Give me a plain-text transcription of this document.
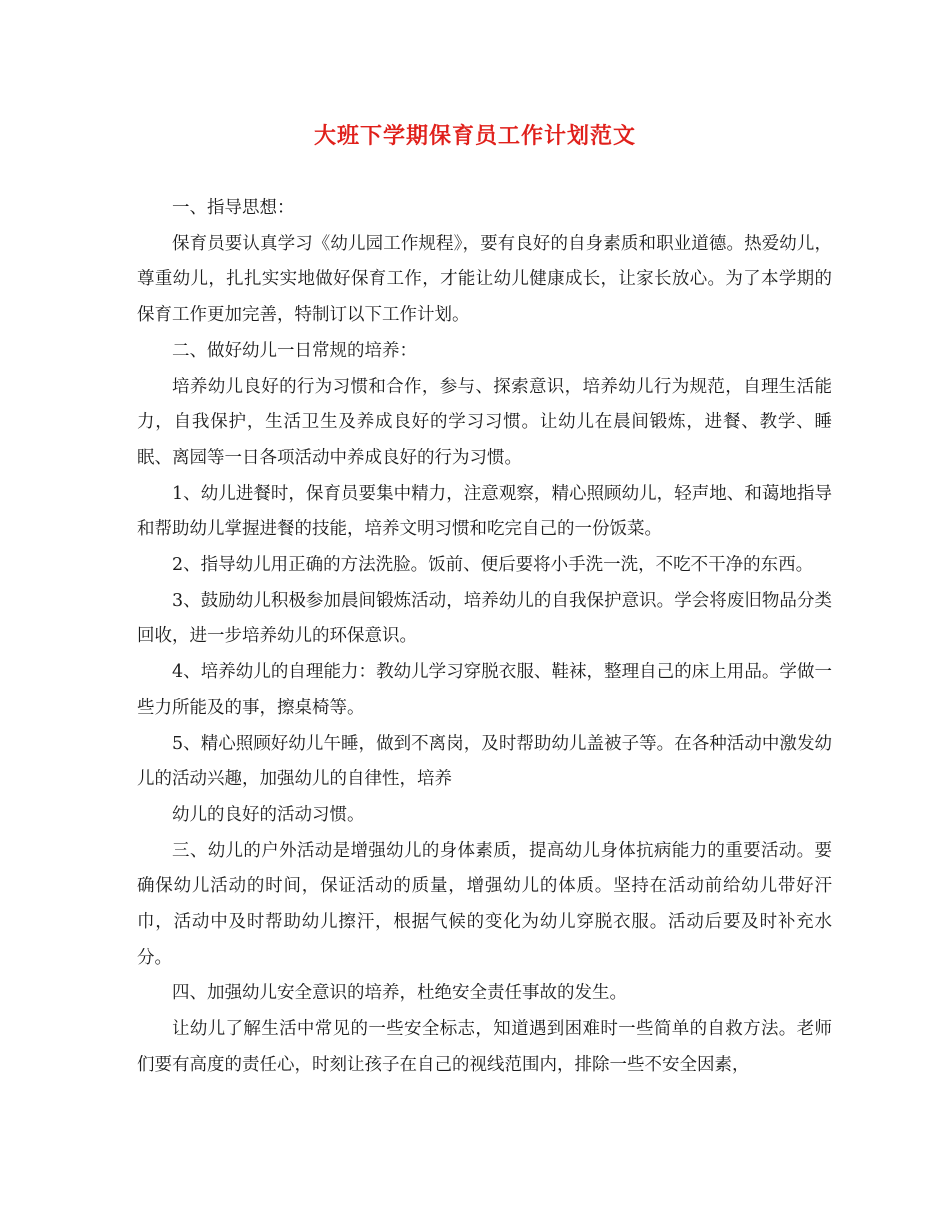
大班下学期保育员工作计划范文

一、指导思想：

保育员要认真学习《幼儿园工作规程》，要有良好的自身素质和职业道德。热爱幼儿，尊重幼儿，扎扎实实地做好保育工作，才能让幼儿健康成长，让家长放心。为了本学期的保育工作更加完善，特制订以下工作计划。

二、做好幼儿一日常规的培养：

培养幼儿良好的行为习惯和合作，参与、探索意识，培养幼儿行为规范，自理生活能力，自我保护，生活卫生及养成良好的学习习惯。让幼儿在晨间锻炼，进餐、教学、睡眠、离园等一日各项活动中养成良好的行为习惯。

1、幼儿进餐时，保育员要集中精力，注意观察，精心照顾幼儿，轻声地、和蔼地指导和帮助幼儿掌握进餐的技能，培养文明习惯和吃完自己的一份饭菜。

2、指导幼儿用正确的方法洗脸。饭前、便后要将小手洗一洗，不吃不干净的东西。

3、鼓励幼儿积极参加晨间锻炼活动，培养幼儿的自我保护意识。学会将废旧物品分类回收，进一步培养幼儿的环保意识。

4、培养幼儿的自理能力：教幼儿学习穿脱衣服、鞋袜，整理自己的床上用品。学做一些力所能及的事，擦桌椅等。

5、精心照顾好幼儿午睡，做到不离岗，及时帮助幼儿盖被子等。在各种活动中激发幼儿的活动兴趣，加强幼儿的自律性，培养

幼儿的良好的活动习惯。

三、幼儿的户外活动是增强幼儿的身体素质，提高幼儿身体抗病能力的重要活动。要确保幼儿活动的时间，保证活动的质量，增强幼儿的体质。坚持在活动前给幼儿带好汗巾，活动中及时帮助幼儿擦汗，根据气候的变化为幼儿穿脱衣服。活动后要及时补充水分。

四、加强幼儿安全意识的培养，杜绝安全责任事故的发生。

让幼儿了解生活中常见的一些安全标志，知道遇到困难时一些简单的自救方法。老师们要有高度的责任心，时刻让孩子在自己的视线范围内，排除一些不安全因素，
